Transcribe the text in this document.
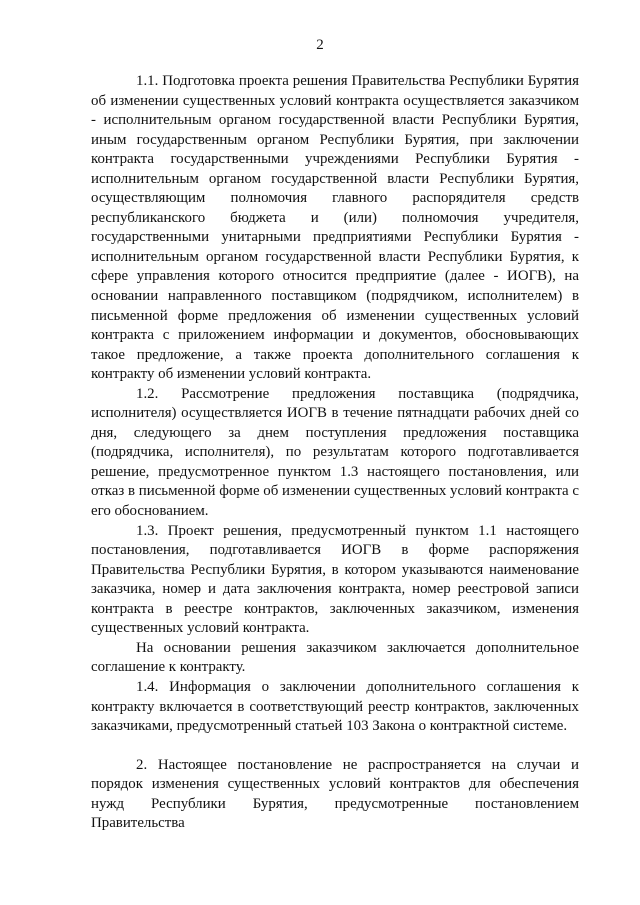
2

1.1. Подготовка проекта решения Правительства Республики Бурятия об изменении существенных условий контракта осуществляется заказчиком - исполнительным органом государственной власти Республики Бурятия, иным государственным органом Республики Бурятия, при заключении контракта государственными учреждениями Республики Бурятия - исполнительным органом государственной власти Республики Бурятия, осуществляющим полномочия главного распорядителя средств республиканского бюджета и (или) полномочия учредителя, государственными унитарными предприятиями Республики Бурятия - исполнительным органом государственной власти Республики Бурятия, к сфере управления которого относится предприятие (далее - ИОГВ), на основании направленного поставщиком (подрядчиком, исполнителем) в письменной форме предложения об изменении существенных условий контракта с приложением информации и документов, обосновывающих такое предложение, а также проекта дополнительного соглашения к контракту об изменении условий контракта.

1.2. Рассмотрение предложения поставщика (подрядчика, исполнителя) осуществляется ИОГВ в течение пятнадцати рабочих дней со дня, следующего за днем поступления предложения поставщика (подрядчика, исполнителя), по результатам которого подготавливается решение, предусмотренное пунктом 1.3 настоящего постановления, или отказ в письменной форме об изменении существенных условий контракта с его обоснованием.

1.3. Проект решения, предусмотренный пунктом 1.1 настоящего постановления, подготавливается ИОГВ в форме распоряжения Правительства Республики Бурятия, в котором указываются наименование заказчика, номер и дата заключения контракта, номер реестровой записи контракта в реестре контрактов, заключенных заказчиком, изменения существенных условий контракта.

На основании решения заказчиком заключается дополнительное соглашение к контракту.

1.4. Информация о заключении дополнительного соглашения к контракту включается в соответствующий реестр контрактов, заключенных заказчиками, предусмотренный статьей 103 Закона о контрактной системе.

2. Настоящее постановление не распространяется на случаи и порядок изменения существенных условий контрактов для обеспечения нужд Республики Бурятия, предусмотренные постановлением Правительства
